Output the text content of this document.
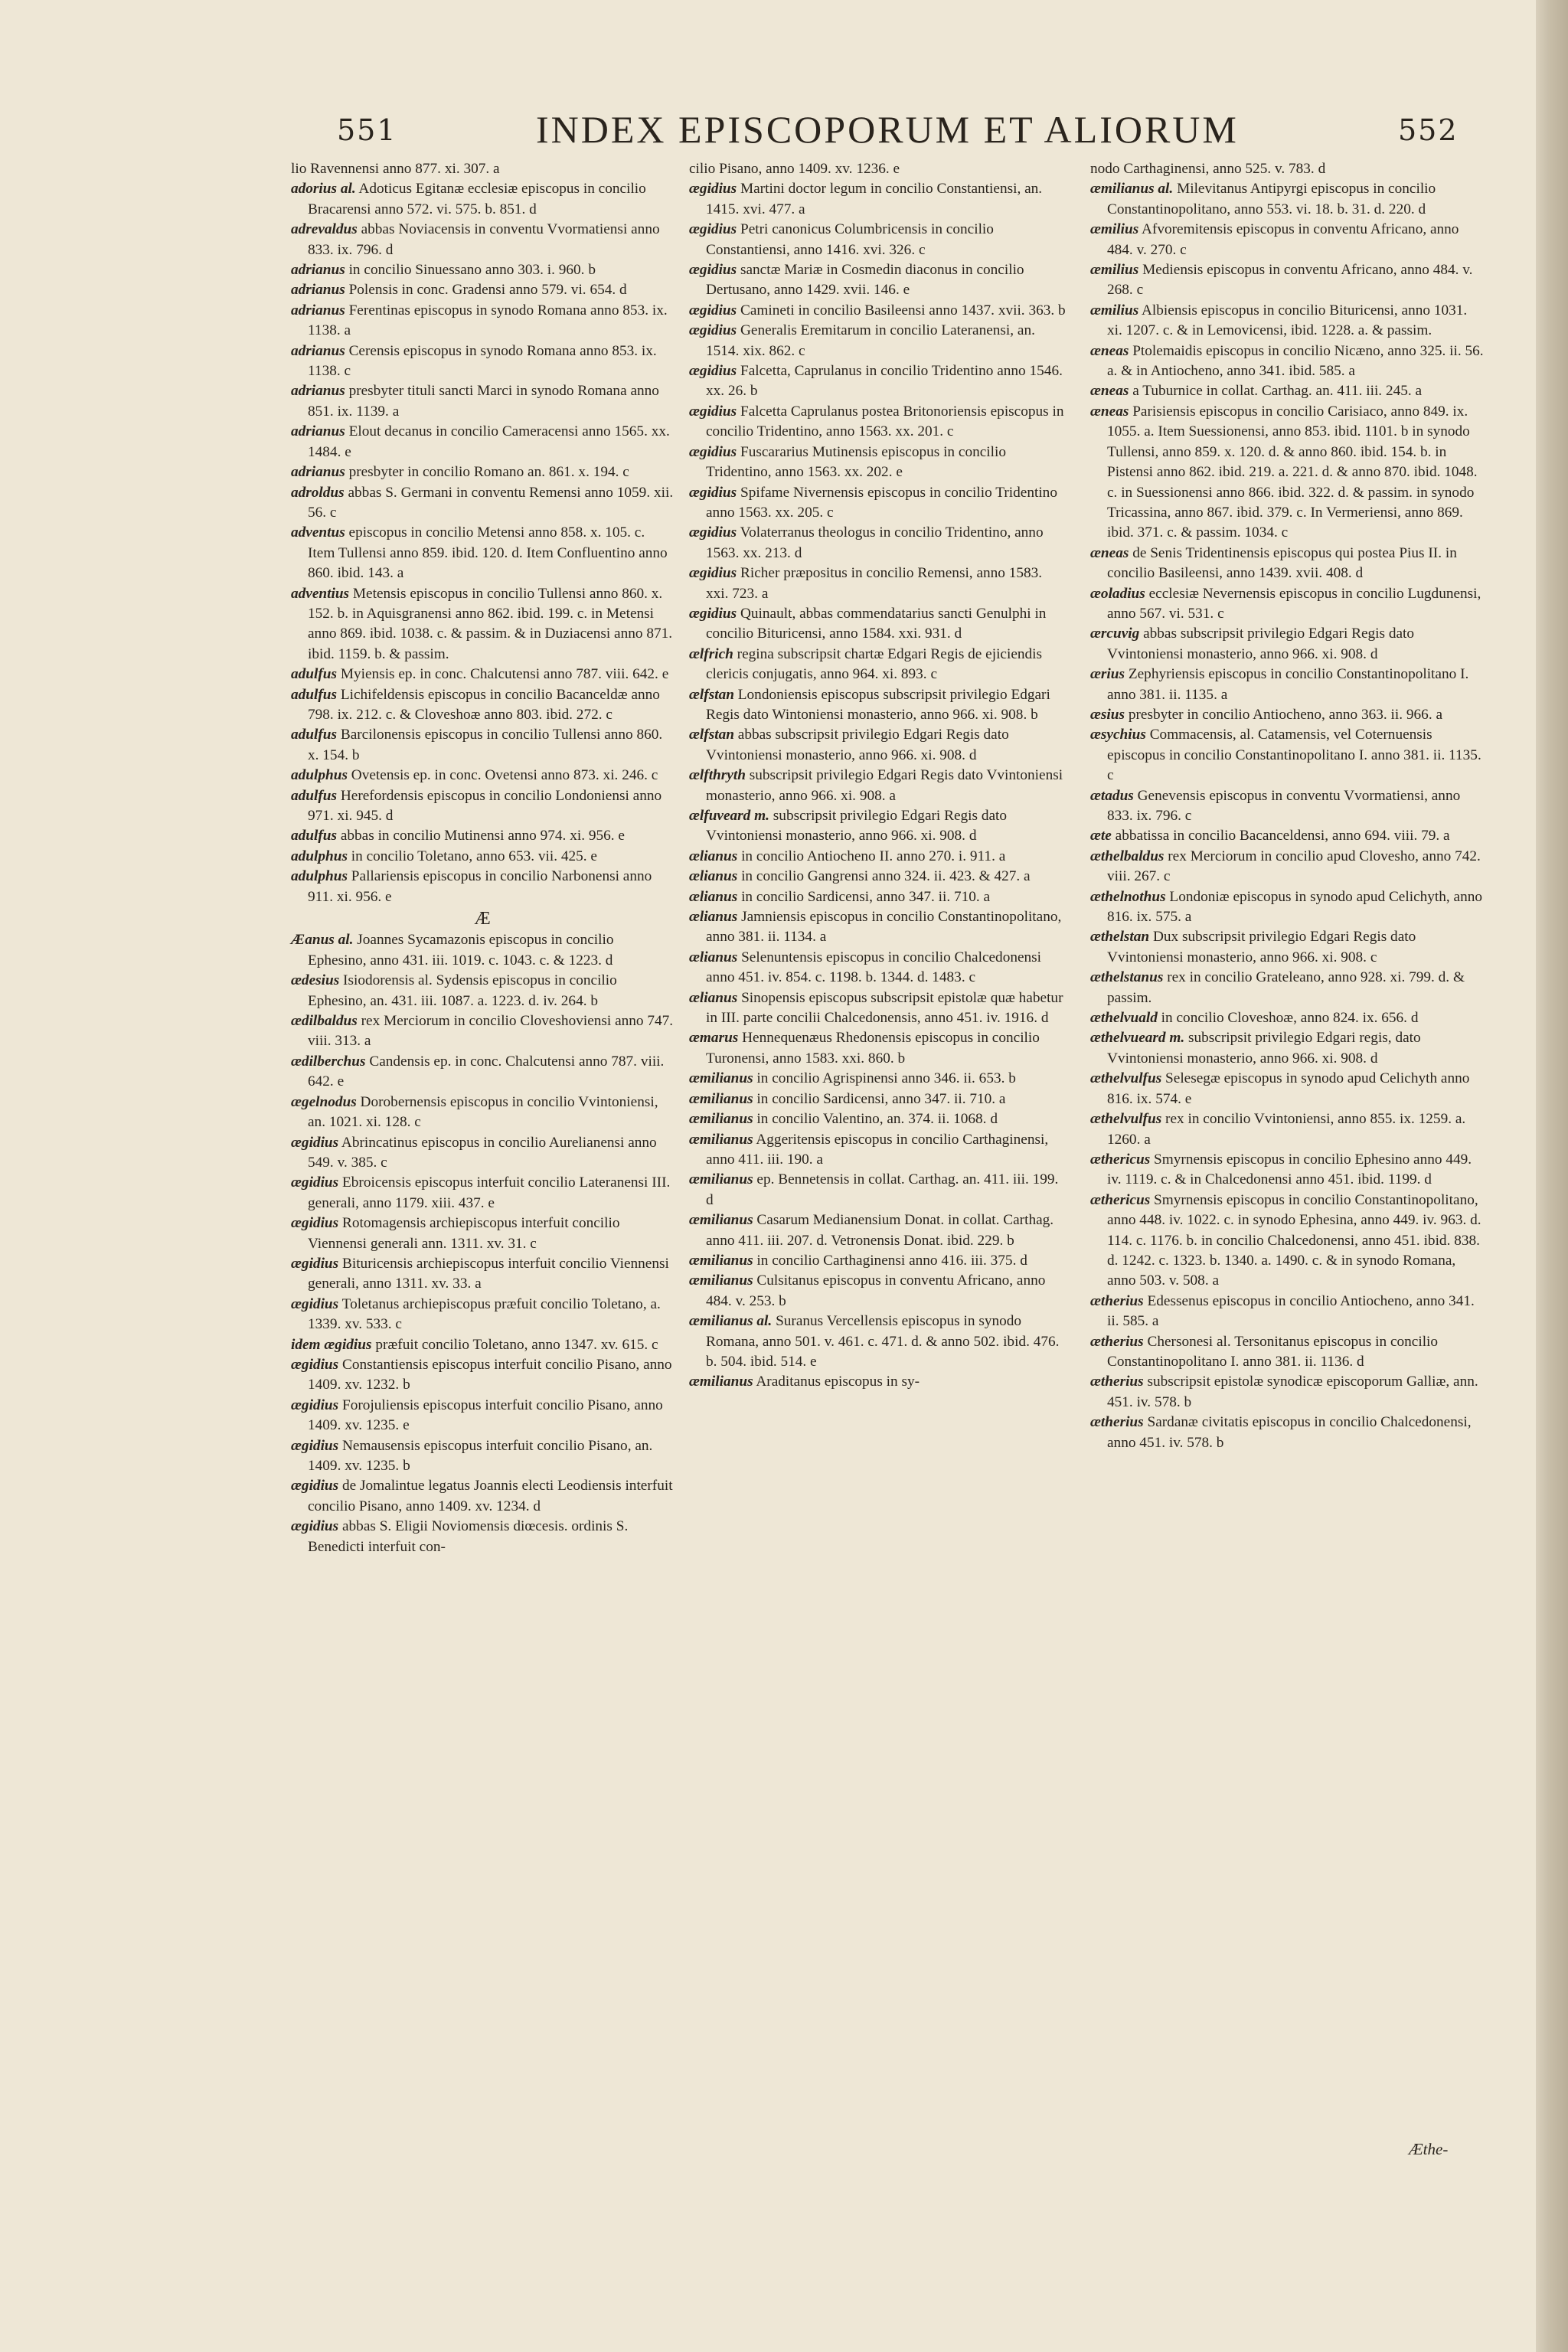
551	INDEX EPISCOPORUM ET ALIORUM	552

lio Ravennensi anno 877. xi. 307. a

adorius al. Adoticus Egitanæ ecclesiæ episcopus in concilio Bracarensi anno 572. vi. 575. b. 851. d

adrevaldus abbas Noviacensis in conventu Vvormatiensi anno 833. ix. 796. d

adrianus in concilio Sinuessano anno 303. i. 960. b

adrianus Polensis in conc. Gradensi anno 579. vi. 654. d

adrianus Ferentinas episcopus in synodo Romana anno 853. ix. 1138. a

adrianus Cerensis episcopus in synodo Romana anno 853. ix. 1138. c

adrianus presbyter tituli sancti Marci in synodo Romana anno 851. ix. 1139. a

adrianus Elout decanus in concilio Cameracensi anno 1565. xx. 1484. e

adrianus presbyter in concilio Romano an. 861. x. 194. c

adroldus abbas S. Germani in conventu Remensi anno 1059. xii. 56. c

adventus episcopus in concilio Metensi anno 858. x. 105. c. Item Tullensi anno 859. ibid. 120. d. Item Confluentino anno 860. ibid. 143. a

adventius Metensis episcopus in concilio Tullensi anno 860. x. 152. b. in Aquisgranensi anno 862. ibid. 199. c. in Metensi anno 869. ibid. 1038. c. & passim. & in Duziacensi anno 871. ibid. 1159. b. & passim.

adulfus Myiensis ep. in conc. Chalcutensi anno 787. viii. 642. e

adulfus Lichifeldensis episcopus in concilio Bacanceldæ anno 798. ix. 212. c. & Cloveshoæ anno 803. ibid. 272. c

adulfus Barcilonensis episcopus in concilio Tullensi anno 860. x. 154. b

adulphus Ovetensis ep. in conc. Ovetensi anno 873. xi. 246. c

adulfus Herefordensis episcopus in concilio Londoniensi anno 971. xi. 945. d

adulfus abbas in concilio Mutinensi anno 974. xi. 956. e

adulphus in concilio Toletano, anno 653. vii. 425. e

adulphus Pallariensis episcopus in concilio Narbonensi anno 911. xi. 956. e

Æ

Æanus al. Joannes Sycamazonis episcopus in concilio Ephesino, anno 431. iii. 1019. c. 1043. c. & 1223. d

ædesius Isiodorensis al. Sydensis episcopus in concilio Ephesino, an. 431. iii. 1087. a. 1223. d. iv. 264. b

ædilbaldus rex Merciorum in concilio Cloveshoviensi anno 747. viii. 313. a

ædilberchus Candensis ep. in conc. Chalcutensi anno 787. viii. 642. e

ægelnodus Dorobernensis episcopus in concilio Vvintoniensi, an. 1021. xi. 128. c

ægidius Abrincatinus episcopus in concilio Aurelianensi anno 549. v. 385. c

ægidius Ebroicensis episcopus interfuit concilio Lateranensi III. generali, anno 1179. xiii. 437. e

ægidius Rotomagensis archiepiscopus interfuit concilio Viennensi generali ann. 1311. xv. 31. c

ægidius Bituricensis archiepiscopus interfuit concilio Viennensi generali, anno 1311. xv. 33. a

ægidius Toletanus archiepiscopus præfuit concilio Toletano, a. 1339. xv. 533. c

idem ægidius præfuit concilio Toletano, anno 1347. xv. 615. c

ægidius Constantiensis episcopus interfuit concilio Pisano, anno 1409. xv. 1232. b

ægidius Forojuliensis episcopus interfuit concilio Pisano, anno 1409. xv. 1235. e

ægidius Nemausensis episcopus interfuit concilio Pisano, an. 1409. xv. 1235. b

ægidius de Jomalintue legatus Joannis electi Leodiensis interfuit concilio Pisano, anno 1409. xv. 1234. d

ægidius abbas S. Eligii Noviomensis diœcesis. ordinis S. Benedicti interfuit con-

cilio Pisano, anno 1409. xv. 1236. e

ægidius Martini doctor legum in concilio Constantiensi, an. 1415. xvi. 477. a

ægidius Petri canonicus Columbricensis in concilio Constantiensi, anno 1416. xvi. 326. c

ægidius sanctæ Mariæ in Cosmedin diaconus in concilio Dertusano, anno 1429. xvii. 146. e

ægidius Camineti in concilio Basileensi anno 1437. xvii. 363. b

ægidius Generalis Eremitarum in concilio Lateranensi, an. 1514. xix. 862. c

ægidius Falcetta, Caprulanus in concilio Tridentino anno 1546. xx. 26. b

ægidius Falcetta Caprulanus postea Britonoriensis episcopus in concilio Tridentino, anno 1563. xx. 201. c

ægidius Fuscararius Mutinensis episcopus in concilio Tridentino, anno 1563. xx. 202. e

ægidius Spifame Nivernensis episcopus in concilio Tridentino anno 1563. xx. 205. c

ægidius Volaterranus theologus in concilio Tridentino, anno 1563. xx. 213. d

ægidius Richer præpositus in concilio Remensi, anno 1583. xxi. 723. a

ægidius Quinault, abbas commendatarius sancti Genulphi in concilio Bituricensi, anno 1584. xxi. 931. d

ælfrich regina subscripsit chartæ Edgari Regis de ejiciendis clericis conjugatis, anno 964. xi. 893. c

ælfstan Londoniensis episcopus subscripsit privilegio Edgari Regis dato Wintoniensi monasterio, anno 966. xi. 908. b

ælfstan abbas subscripsit privilegio Edgari Regis dato Vvintoniensi monasterio, anno 966. xi. 908. d

ælfthryth subscripsit privilegio Edgari Regis dato Vvintoniensi monasterio, anno 966. xi. 908. a

ælfuveard m. subscripsit privilegio Edgari Regis dato Vvintoniensi monasterio, anno 966. xi. 908. d

ælianus in concilio Antiocheno II. anno 270. i. 911. a

ælianus in concilio Gangrensi anno 324. ii. 423. & 427. a

ælianus in concilio Sardicensi, anno 347. ii. 710. a

ælianus Jamniensis episcopus in concilio Constantinopolitano, anno 381. ii. 1134. a

ælianus Selenuntensis episcopus in concilio Chalcedonensi anno 451. iv. 854. c. 1198. b. 1344. d. 1483. c

ælianus Sinopensis episcopus subscripsit epistolæ quæ habetur in III. parte concilii Chalcedonensis, anno 451. iv. 1916. d

æmarus Hennequenæus Rhedonensis episcopus in concilio Turonensi, anno 1583. xxi. 860. b

æmilianus in concilio Agrispinensi anno 346. ii. 653. b

æmilianus in concilio Sardicensi, anno 347. ii. 710. a

æmilianus in concilio Valentino, an. 374. ii. 1068. d

æmilianus Aggeritensis episcopus in concilio Carthaginensi, anno 411. iii. 190. a

æmilianus ep. Bennetensis in collat. Carthag. an. 411. iii. 199. d

æmilianus Casarum Medianensium Donat. in collat. Carthag. anno 411. iii. 207. d. Vetronensis Donat. ibid. 229. b

æmilianus in concilio Carthaginensi anno 416. iii. 375. d

æmilianus Culsitanus episcopus in conventu Africano, anno 484. v. 253. b

æmilianus al. Suranus Vercellensis episcopus in synodo Romana, anno 501. v. 461. c. 471. d. & anno 502. ibid. 476. b. 504. ibid. 514. e

æmilianus Araditanus episcopus in sy-

nodo Carthaginensi, anno 525. v. 783. d

æmilianus al. Milevitanus Antipyrgi episcopus in concilio Constantinopolitano, anno 553. vi. 18. b. 31. d. 220. d

æmilius Afvoremitensis episcopus in conventu Africano, anno 484. v. 270. c

æmilius Mediensis episcopus in conventu Africano, anno 484. v. 268. c

æmilius Albiensis episcopus in concilio Bituricensi, anno 1031. xi. 1207. c. & in Lemovicensi, ibid. 1228. a. & passim.

æneas Ptolemaidis episcopus in concilio Nicæno, anno 325. ii. 56. a. & in Antiocheno, anno 341. ibid. 585. a

æneas a Tuburnice in collat. Carthag. an. 411. iii. 245. a

æneas Parisiensis episcopus in concilio Carisiaco, anno 849. ix. 1055. a. Item Suessionensi, anno 853. ibid. 1101. b in synodo Tullensi, anno 859. x. 120. d. & anno 860. ibid. 154. b. in Pistensi anno 862. ibid. 219. a. 221. d. & anno 870. ibid. 1048. c. in Suessionensi anno 866. ibid. 322. d. & passim. in synodo Tricassina, anno 867. ibid. 379. c. In Vermeriensi, anno 869. ibid. 371. c. & passim. 1034. c

æneas de Senis Tridentinensis episcopus qui postea Pius II. in concilio Basileensi, anno 1439. xvii. 408. d

æoladius ecclesiæ Nevernensis episcopus in concilio Lugdunensi, anno 567. vi. 531. c

ærcuvig abbas subscripsit privilegio Edgari Regis dato Vvintoniensi monasterio, anno 966. xi. 908. d

ærius Zephyriensis episcopus in concilio Constantinopolitano I. anno 381. ii. 1135. a

æsius presbyter in concilio Antiocheno, anno 363. ii. 966. a

æsychius Commacensis, al. Catamensis, vel Coternuensis episcopus in concilio Constantinopolitano I. anno 381. ii. 1135. c

ætadus Genevensis episcopus in conventu Vvormatiensi, anno 833. ix. 796. c

æte abbatissa in concilio Bacanceldensi, anno 694. viii. 79. a

æthelbaldus rex Merciorum in concilio apud Clovesho, anno 742. viii. 267. c

æthelnothus Londoniæ episcopus in synodo apud Celichyth, anno 816. ix. 575. a

æthelstan Dux subscripsit privilegio Edgari Regis dato Vvintoniensi monasterio, anno 966. xi. 908. c

æthelstanus rex in concilio Grateleano, anno 928. xi. 799. d. & passim.

æthelvuald in concilio Cloveshoæ, anno 824. ix. 656. d

æthelvueard m. subscripsit privilegio Edgari regis, dato Vvintoniensi monasterio, anno 966. xi. 908. d

æthelvulfus Selesegæ episcopus in synodo apud Celichyth anno 816. ix. 574. e

æthelvulfus rex in concilio Vvintoniensi, anno 855. ix. 1259. a. 1260. a

æthericus Smyrnensis episcopus in concilio Ephesino anno 449. iv. 1119. c. & in Chalcedonensi anno 451. ibid. 1199. d

æthericus Smyrnensis episcopus in concilio Constantinopolitano, anno 448. iv. 1022. c. in synodo Ephesina, anno 449. iv. 963. d. 114. c. 1176. b. in concilio Chalcedonensi, anno 451. ibid. 838. d. 1242. c. 1323. b. 1340. a. 1490. c. & in synodo Romana, anno 503. v. 508. a

ætherius Edessenus episcopus in concilio Antiocheno, anno 341. ii. 585. a

ætherius Chersonesi al. Tersonitanus episcopus in concilio Constantinopolitano I. anno 381. ii. 1136. d

ætherius subscripsit epistolæ synodicæ episcoporum Galliæ, ann. 451. iv. 578. b

ætherius Sardanæ civitatis episcopus in concilio Chalcedonensi, anno 451. iv. 578. b

Æthe-
